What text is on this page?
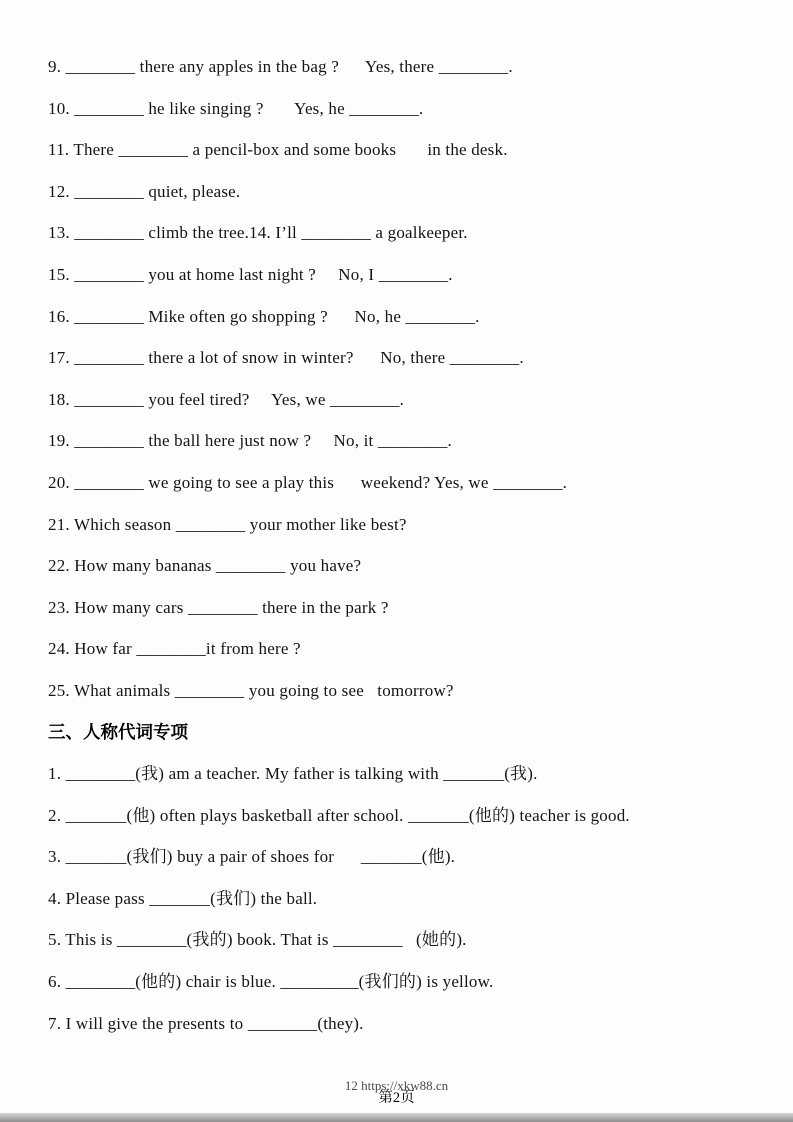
9. ________ there any apples in the bag ?      Yes, there ________.
10. ________ he like singing ?       Yes, he ________.
11. There ________ a pencil-box and some books       in the desk.
12. ________ quiet, please.
13. ________ climb the tree.14. I’ll ________ a goalkeeper.
15. ________ you at home last night ?     No, I ________.
16. ________ Mike often go shopping ?      No, he ________.
17. ________ there a lot of snow in winter?      No, there ________.
18. ________ you feel tired?     Yes, we ________.
19. ________ the ball here just now ?     No, it ________.
20. ________ we going to see a play this      weekend? Yes, we ________.
21. Which season ________ your mother like best?
22. How many bananas ________ you have?
23. How many cars ________ there in the park ?
24. How far ________it from here ?
25. What animals ________ you going to see   tomorrow?
三、人称代词专项
1. ________(我) am a teacher. My father is talking with _______(我).
2. _______(他) often plays basketball after school. _______(他的) teacher is good.
3. _______(我们) buy a pair of shoes for      _______(他).
4. Please pass _______(我们) the ball.
5. This is ________(我的) book. That is ________   (她的).
6. ________(他的) chair is blue. _________(我们的) is yellow.
7. I will give the presents to ________(they).
12 https://xkw88.cn
第2页
